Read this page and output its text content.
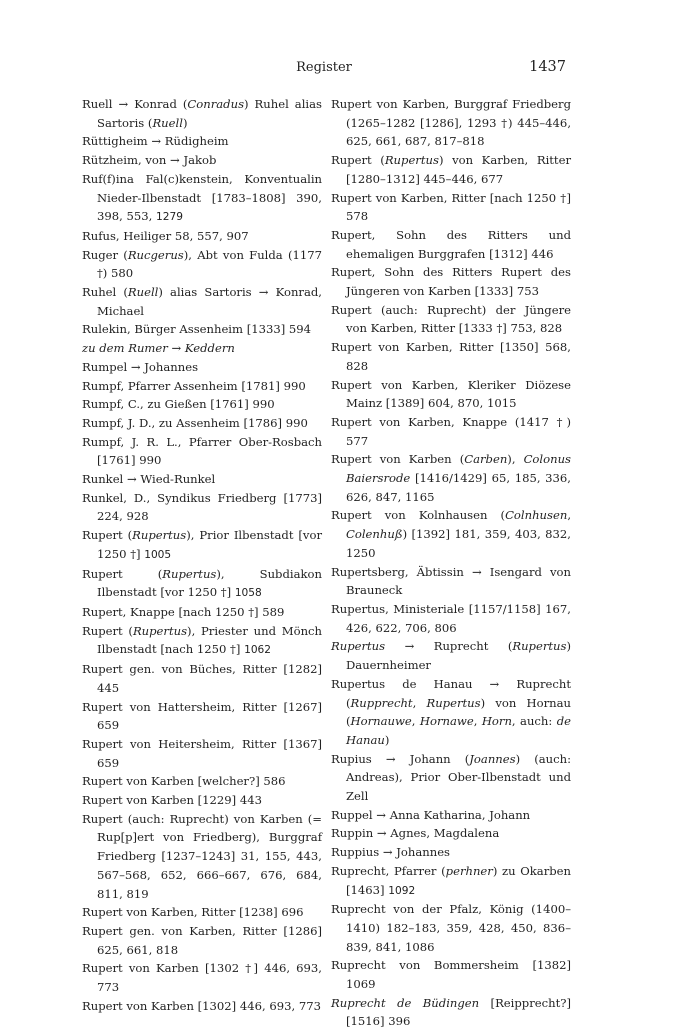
Register	1437
Ruell → Konrad (Conradus) Ruhel alias Sartoris (Ruell)
Rüttigheim → Rüdigheim
Rützheim, von → Jakob
Ruf(f)ina Fal(c)kenstein, Konventualin Nieder-Ilbenstadt [1783–1808] 390, 398, 553, 1279
Rufus, Heiliger 58, 557, 907
Ruger (Rucgerus), Abt von Fulda (1177 †) 580
Ruhel (Ruell) alias Sartoris → Konrad, Michael
Rulekin, Bürger Assenheim [1333] 594
zu dem Rumer → Keddern
Rumpel → Johannes
Rumpf, Pfarrer Assenheim [1781] 990
Rumpf, C., zu Gießen [1761] 990
Rumpf, J. D., zu Assenheim [1786] 990
Rumpf, J. R. L., Pfarrer Ober-Rosbach [1761] 990
Runkel → Wied-Runkel
Runkel, D., Syndikus Friedberg [1773] 224, 928
Rupert (Rupertus), Prior Ilbenstadt [vor 1250 †] 1005
Rupert (Rupertus), Subdiakon Ilbenstadt [vor 1250 †] 1058
Rupert, Knappe [nach 1250 †] 589
Rupert (Rupertus), Priester und Mönch Ilbenstadt [nach 1250 †] 1062
Rupert gen. von Büches, Ritter [1282] 445
Rupert von Hattersheim, Ritter [1267] 659
Rupert von Heitersheim, Ritter [1367] 659
Rupert von Karben [welcher?] 586
Rupert von Karben [1229] 443
Rupert (auch: Ruprecht) von Karben (= Rup[p]ert von Friedberg), Burggraf Friedberg [1237–1243] 31, 155, 443, 567–568, 652, 666–667, 676, 684, 811, 819
Rupert von Karben, Ritter [1238] 696
Rupert gen. von Karben, Ritter [1286] 625, 661, 818
Rupert von Karben [1302 †] 446, 693, 773
Rupert von Karben [1302] 446, 693, 773
Rupert von Karben, Burggraf Friedberg (1265–1282 [1286], 1293 †) 445–446, 625, 661, 687, 817–818
Rupert (Rupertus) von Karben, Ritter [1280–1312] 445–446, 677
Rupert von Karben, Ritter [nach 1250 †] 578
Rupert, Sohn des Ritters und ehemaligen Burggrafen [1312] 446
Rupert, Sohn des Ritters Rupert des Jüngeren von Karben [1333] 753
Rupert (auch: Ruprecht) der Jüngere von Karben, Ritter [1333 †] 753, 828
Rupert von Karben, Ritter [1350] 568, 828
Rupert von Karben, Kleriker Diözese Mainz [1389] 604, 870, 1015
Rupert von Karben, Knappe (1417 †) 577
Rupert von Karben (Carben), Colonus Baiersrode [1416/1429] 65, 185, 336, 626, 847, 1165
Rupert von Kolnhausen (Colnhusen, Colenhuß) [1392] 181, 359, 403, 832, 1250
Rupertsberg, Äbtissin → Isengard von Brauneck
Rupertus, Ministeriale [1157/1158] 167, 426, 622, 706, 806
Rupertus → Ruprecht (Rupertus) Dauernheimer
Rupertus de Hanau → Ruprecht (Rupprecht, Rupertus) von Hornau (Hornauwe, Hornawe, Horn, auch: de Hanau)
Rupius → Johann (Joannes) (auch: Andreas), Prior Ober-Ilbenstadt und Zell
Ruppel → Anna Katharina, Johann
Ruppin → Agnes, Magdalena
Ruppius → Johannes
Ruprecht, Pfarrer (perhner) zu Okarben [1463] 1092
Ruprecht von der Pfalz, König (1400–1410) 182–183, 359, 428, 450, 836–839, 841, 1086
Ruprecht von Bommersheim [1382] 1069
Ruprecht de Büdingen [Reipprecht?] [1516] 396
